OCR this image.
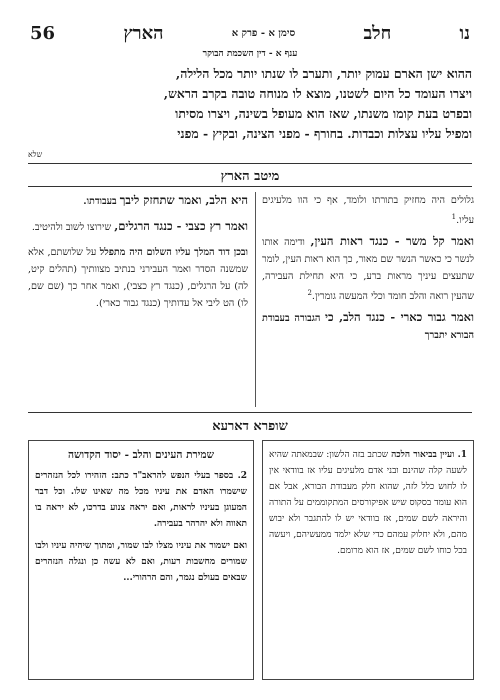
56	הארץ	סימן א - פרק א	חלב	נו
ענף א - דין השכמת הבוקר
ההוא ישן הארם עמוק יותר, ותערב לו שנתו יותר מכל הלילה,
ויצרו העומד כל היום לשטנו, מוצא לו מנוחה טובה בקרב הראש,
ובפרט בעת קומו משנתו, שאז הוא מעופל בשינה, ויצרו מסיתו
ומפיל עליו עצלות וכבדות. בחורף - מפני הצינה, ובקיץ - מפני
שלא
מיטב הארץ
גלולים היה מחזיק בתורתו ולומד, אף כי הוו מלעיגים עליו.$^1$
ואמר קל משר - כנגד ראות העין, ודימה אותו לנשר כי כאשר הנשר שם מאור, כך הוא ראות העין, לומר שתעצים עיניך מראות ברע, כי היא תחילת העבירה, שהעין רואה והלב חומד וכלי המעשה גומרין.$^2$
ואמר גבור כארי - כנגד הלב, כי הגבורה בעבודת הבורא יתברך
היא הלב, ואמר שתחזק ליבך בעבודתו.
ואמר רץ כצבי - כנגד הרגלים, שירוצו לשוב ולהיטיב.
ובכן דוד המלך עליו השלום היה מתפלל על שלושתם, אלא שמשנה הסדר ואמר העבירני בנתיב מצוותיך (תהלים קיט, לה) על הרגלים, (כנגד רץ כצבי), ואמר אחר כך (שם שם, לו) הט ליבי אל עדותיך (כנגד גבור כארי).
שופרא דארעא
1. ועיין בביאור הלכה שכתב בזה הלשון: שבמאתה שהיא לשעה קלה שהינם ובני אדם מלעיגים עליו אז בוודאי אין לו לחוש כלל לזה, שהוא חלק מעבודת הבורא, אבל אם הוא עומד בסקוס שיש אפיקורסים המתקוממים על התורה והיראה לשם שמים, אז בוודאי יש לו להתגבר ולא יבוש מהם, ולא יחלוק עמהם כדי שלא ילמד ממעשיהם, ויעשה בכל כוחו לשם שמים, אז הוא מרומם.
שמירת העינים והלב - יסוד הקדושה
2. בספר בעלי הנפש להראב"ד כתב: הזהירו לכל הנזהרים שישמרו האדם את עיניו מכל מה שאינו שלו. וכל דבר המעוגן בעיניו לראות, ואם יראה צנוע בדרכו, לא יראה בו תאווה ולא יהרהר בעבירה.
ואם ישמור את עיניו מצלו לבו שמור, ומתוך שיהיה עיניו ולבו שמורים מחשבות רעות, ואם לא עשה כן ונגלה הנזהרים שבאים בעולם נגמר, והם הרהורי...
